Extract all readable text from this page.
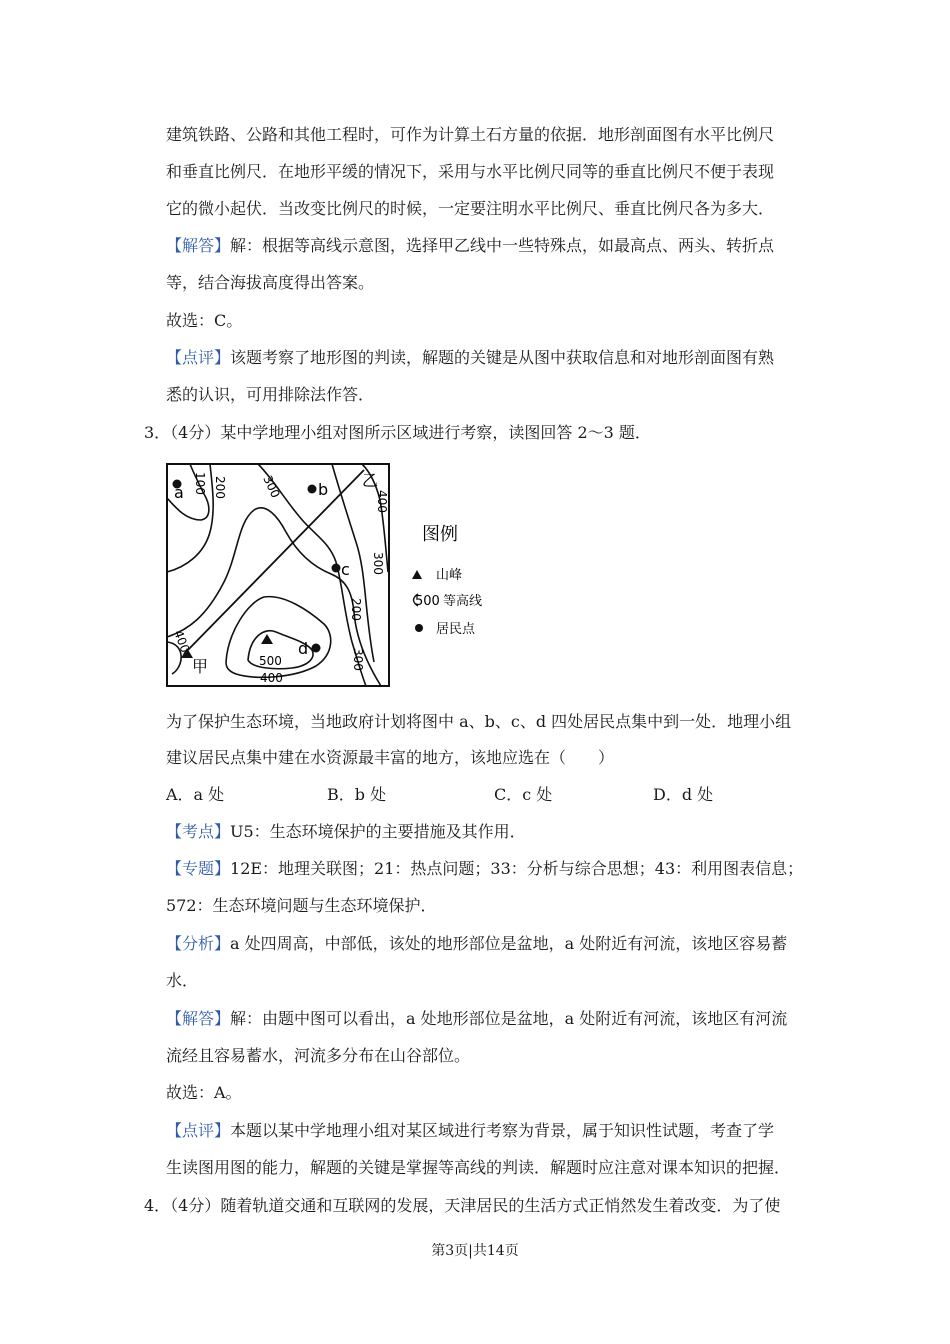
建筑铁路、公路和其他工程时，可作为计算土石方量的依据．地形剖面图有水平比例尺
和垂直比例尺．在地形平缓的情况下，采用与水平比例尺同等的垂直比例尺不便于表现
它的微小起伏．当改变比例尺的时候，一定要注明水平比例尺、垂直比例尺各为多大．
【解答】解：根据等高线示意图，选择甲乙线中一些特殊点，如最高点、两头、转折点
等，结合海拔高度得出答案。
故选：C。
【点评】该题考察了地形图的判读，解题的关键是从图中获取信息和对地形剖面图有熟
悉的认识，可用排除法作答．
3．（4分）某中学地理小组对图所示区域进行考察，读图回答 2～3 题．
100 200	300
400
300
200
300
400
500
400
a	b
c
d
甲
乙
图例
山峰
500 等高线
居民点
为了保护生态环境，当地政府计划将图中 a、b、c、d 四处居民点集中到一处．地理小组
建议居民点集中建在水资源最丰富的地方，该地应选在（　　）
A．a 处	B．b 处	C．c 处	D．d 处
【考点】U5：生态环境保护的主要措施及其作用．
【专题】12E：地理关联图；21：热点问题；33：分析与综合思想；43：利用图表信息；
572：生态环境问题与生态环境保护．
【分析】a 处四周高，中部低，该处的地形部位是盆地，a 处附近有河流，该地区容易蓄
水．
【解答】解：由题中图可以看出，a 处地形部位是盆地，a 处附近有河流，该地区有河流
流经且容易蓄水，河流多分布在山谷部位。
故选：A。
【点评】本题以某中学地理小组对某区域进行考察为背景，属于知识性试题，考查了学
生读图用图的能力，解题的关键是掌握等高线的判读．解题时应注意对课本知识的把握．
4．（4分）随着轨道交通和互联网的发展，天津居民的生活方式正悄然发生着改变．为了使
第3页|共14页
